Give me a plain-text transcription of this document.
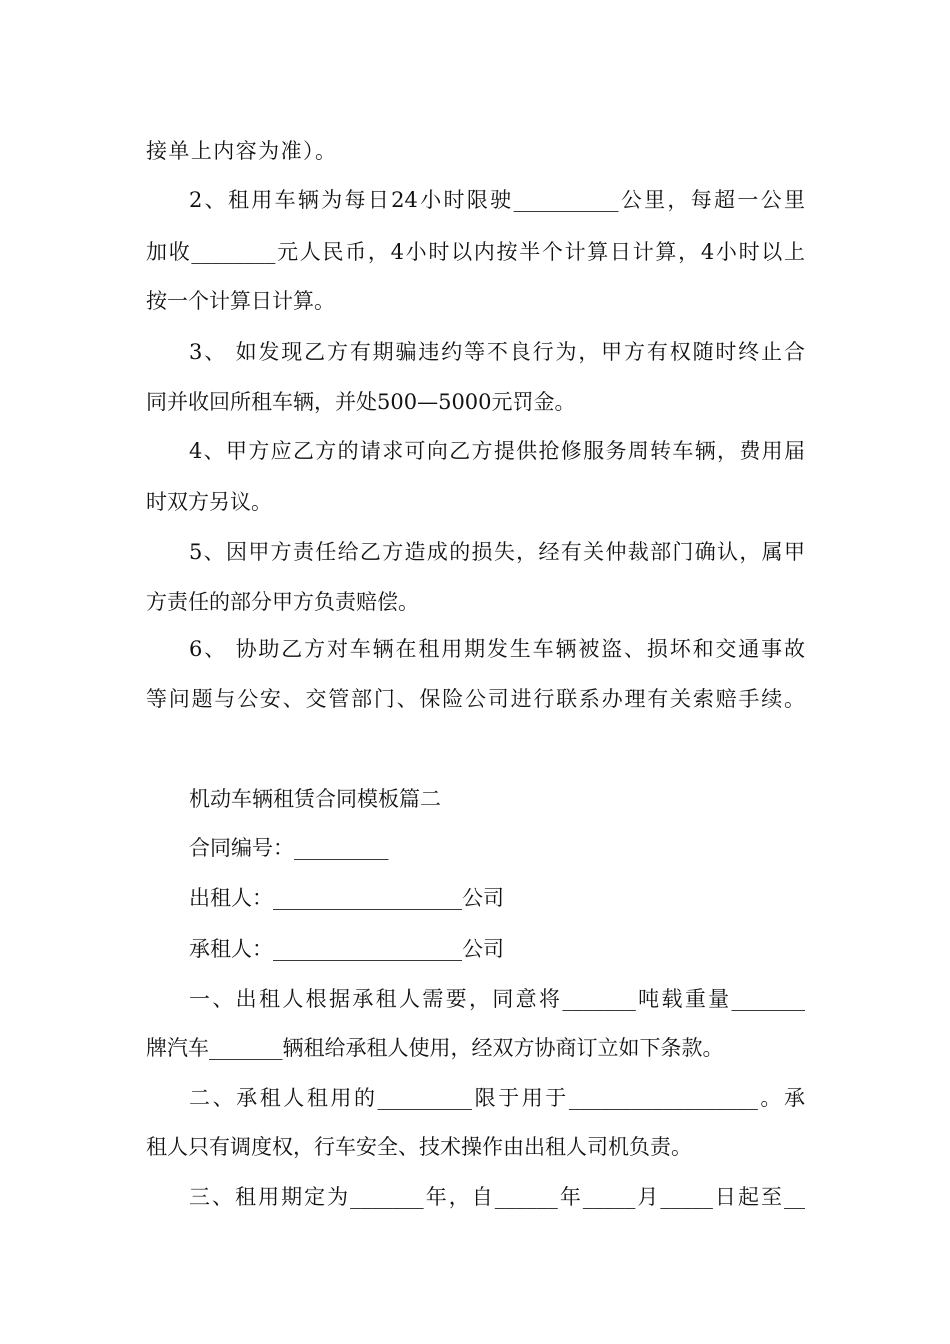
接单上内容为准）。
2、租用车辆为每日24小时限驶__________公里，每超一公里
加收________元人民币，4小时以内按半个计算日计算，4小时以上
按一个计算日计算。
3、 如发现乙方有期骗违约等不良行为，甲方有权随时终止合
同并收回所租车辆，并处500—5000元罚金。
4、甲方应乙方的请求可向乙方提供抢修服务周转车辆，费用届
时双方另议。
5、因甲方责任给乙方造成的损失，经有关仲裁部门确认，属甲
方责任的部分甲方负责赔偿。
6、 协助乙方对车辆在租用期发生车辆被盗、损坏和交通事故
等问题与公安、交管部门、保险公司进行联系办理有关索赔手续。
机动车辆租赁合同模板篇二
合同编号：_________
出租人：__________________公司
承租人：__________________公司
一、出租人根据承租人需要，同意将_______吨载重量_______
牌汽车_______辆租给承租人使用，经双方协商订立如下条款。
二、承租人租用的_________限于用于__________________。承
租人只有调度权，行车安全、技术操作由出租人司机负责。
三、租用期定为_______年，自______年_____月_____日起至__
